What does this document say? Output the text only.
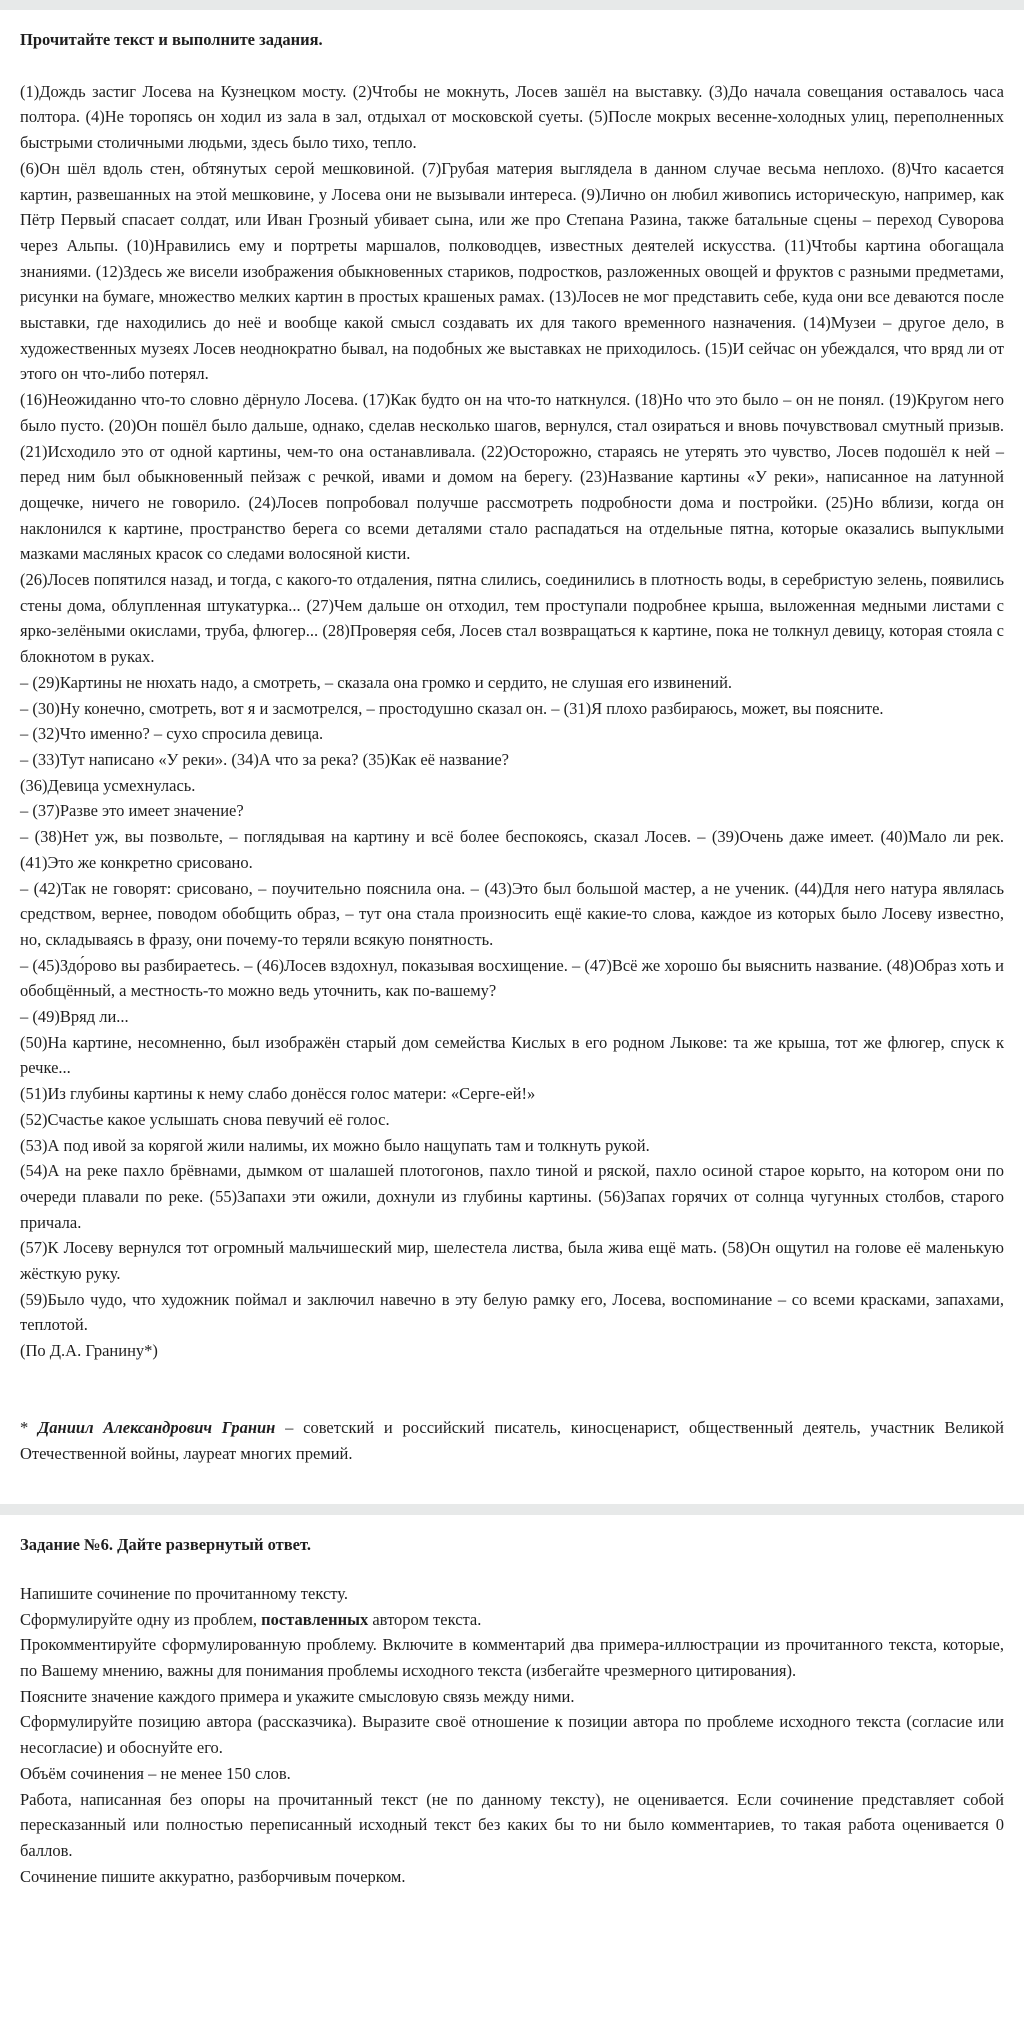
Прочитайте текст и выполните задания.

(1)Дождь застиг Лосева на Кузнецком мосту. (2)Чтобы не мокнуть, Лосев зашёл на выставку. (3)До начала совещания оставалось часа полтора. (4)Не торопясь он ходил из зала в зал, отдыхал от московской суеты. (5)После мокрых весенне-холодных улиц, переполненных быстрыми столичными людьми, здесь было тихо, тепло.

(6)Он шёл вдоль стен, обтянутых серой мешковиной. (7)Грубая материя выглядела в данном случае весьма неплохо. (8)Что касается картин, развешанных на этой мешковине, у Лосева они не вызывали интереса. (9)Лично он любил живопись историческую, например, как Пётр Первый спасает солдат, или Иван Грозный убивает сына, или же про Степана Разина, также батальные сцены – переход Суворова через Альпы. (10)Нравились ему и портреты маршалов, полководцев, известных деятелей искусства. (11)Чтобы картина обогащала знаниями. (12)Здесь же висели изображения обыкновенных стариков, подростков, разложенных овощей и фруктов с разными предметами, рисунки на бумаге, множество мелких картин в простых крашеных рамах. (13)Лосев не мог представить себе, куда они все деваются после выставки, где находились до неё и вообще какой смысл создавать их для такого временного назначения. (14)Музеи – другое дело, в художественных музеях Лосев неоднократно бывал, на подобных же выставках не приходилось. (15)И сейчас он убеждался, что вряд ли от этого он что-либо потерял.

(16)Неожиданно что-то словно дёрнуло Лосева. (17)Как будто он на что-то наткнулся. (18)Но что это было – он не понял. (19)Кругом него было пусто. (20)Он пошёл было дальше, однако, сделав несколько шагов, вернулся, стал озираться и вновь почувствовал смутный призыв. (21)Исходило это от одной картины, чем-то она останавливала. (22)Осторожно, стараясь не утерять это чувство, Лосев подошёл к ней – перед ним был обыкновенный пейзаж с речкой, ивами и домом на берегу. (23)Название картины «У реки», написанное на латунной дощечке, ничего не говорило. (24)Лосев попробовал получше рассмотреть подробности дома и постройки. (25)Но вблизи, когда он наклонился к картине, пространство берега со всеми деталями стало распадаться на отдельные пятна, которые оказались выпуклыми мазками масляных красок со следами волосяной кисти.

(26)Лосев попятился назад, и тогда, с какого-то отдаления, пятна слились, соединились в плотность воды, в серебристую зелень, появились стены дома, облупленная штукатурка... (27)Чем дальше он отходил, тем проступали подробнее крыша, выложенная медными листами с ярко-зелёными окислами, труба, флюгер... (28)Проверяя себя, Лосев стал возвращаться к картине, пока не толкнул девицу, которая стояла с блокнотом в руках.

– (29)Картины не нюхать надо, а смотреть, – сказала она громко и сердито, не слушая его извинений.

– (30)Ну конечно, смотреть, вот я и засмотрелся, – простодушно сказал он. – (31)Я плохо разбираюсь, может, вы поясните.

– (32)Что именно? – сухо спросила девица.

– (33)Тут написано «У реки». (34)А что за река? (35)Как её название?

(36)Девица усмехнулась.

– (37)Разве это имеет значение?

– (38)Нет уж, вы позвольте, – поглядывая на картину и всё более беспокоясь, сказал Лосев. – (39)Очень даже имеет. (40)Мало ли рек. (41)Это же конкретно срисовано.

– (42)Так не говорят: срисовано, – поучительно пояснила она. – (43)Это был большой мастер, а не ученик. (44)Для него натура являлась средством, вернее, поводом обобщить образ, – тут она стала произносить ещё какие-то слова, каждое из которых было Лосеву известно, но, складываясь в фразу, они почему-то теряли всякую понятность.

– (45)Здо́рово вы разбираетесь. – (46)Лосев вздохнул, показывая восхищение. – (47)Всё же хорошо бы выяснить название. (48)Образ хоть и обобщённый, а местность-то можно ведь уточнить, как по-вашему?

– (49)Вряд ли...

(50)На картине, несомненно, был изображён старый дом семейства Кислых в его родном Лыкове: та же крыша, тот же флюгер, спуск к речке...

(51)Из глубины картины к нему слабо донёсся голос матери: «Серге-ей!»

(52)Счастье какое услышать снова певучий её голос.

(53)А под ивой за корягой жили налимы, их можно было нащупать там и толкнуть рукой.

(54)А на реке пахло брёвнами, дымком от шалашей плотогонов, пахло тиной и ряской, пахло осиной старое корыто, на котором они по очереди плавали по реке. (55)Запахи эти ожили, дохнули из глубины картины. (56)Запах горячих от солнца чугунных столбов, старого причала.

(57)К Лосеву вернулся тот огромный мальчишеский мир, шелестела листва, была жива ещё мать. (58)Он ощутил на голове её маленькую жёсткую руку.

(59)Было чудо, что художник поймал и заключил навечно в эту белую рамку его, Лосева, воспоминание – со всеми красками, запахами, теплотой.

(По Д.А. Гранину*)

* Даниил Александрович Гранин – советский и российский писатель, киносценарист, общественный деятель, участник Великой Отечественной войны, лауреат многих премий.

Задание №6. Дайте развернутый ответ.

Напишите сочинение по прочитанному тексту.

Сформулируйте одну из проблем, поставленных автором текста.

Прокомментируйте сформулированную проблему. Включите в комментарий два примера-иллюстрации из прочитанного текста, которые, по Вашему мнению, важны для понимания проблемы исходного текста (избегайте чрезмерного цитирования).

Поясните значение каждого примера и укажите смысловую связь между ними.

Сформулируйте позицию автора (рассказчика). Выразите своё отношение к позиции автора по проблеме исходного текста (согласие или несогласие) и обоснуйте его.

Объём сочинения – не менее 150 слов.

Работа, написанная без опоры на прочитанный текст (не по данному тексту), не оценивается. Если сочинение представляет собой пересказанный или полностью переписанный исходный текст без каких бы то ни было комментариев, то такая работа оценивается 0 баллов.

Сочинение пишите аккуратно, разборчивым почерком.
